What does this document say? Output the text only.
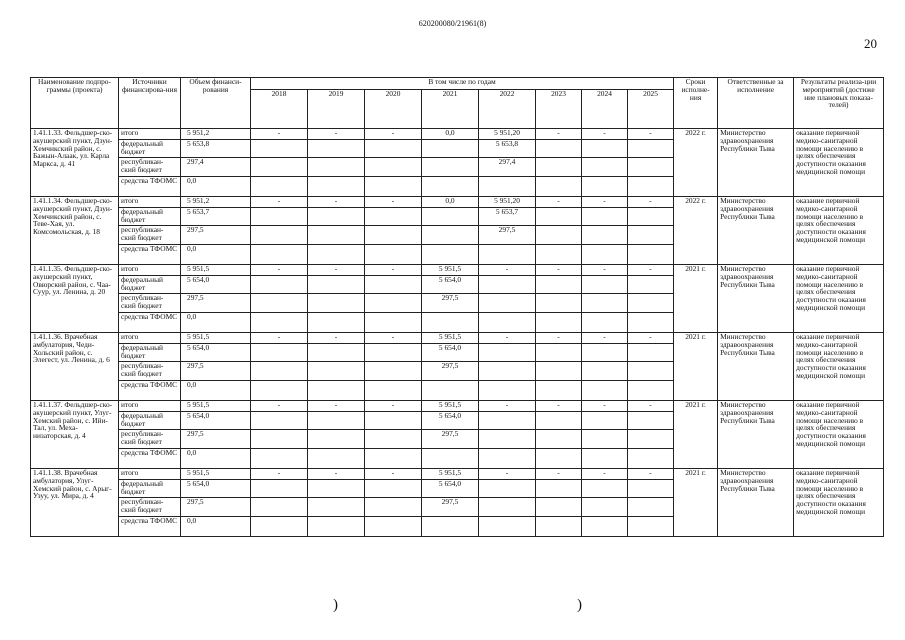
620200080/21961(8)
20
Наименование подпро-граммы (проекта)	Источники финансирова-ния	Объем финанси-рования	В том числе по годам								Сроки исполне-ния	Ответственные за исполнение	Результаты реализа-ции мероприятий (достиже ние плановых показа-телей)
			2018	2019	2020	2021	2022	2023	2024	2025			
1.41.1.33. Фельдшер-ско-акушерский пункт, Дзун-Хемчикский район, с. Бажын-Алаак, ул. Карла Маркса, д. 41	итого	5 951,2	-	-	-	0,0	5 951,20	-	-	-	2022 г.	Министерство здравоохранения Республики Тыва	оказание первичной медико-санитарной помощи населению в целях обеспечения доступности оказания медицинской помощи
	федеральный бюджет	5 653,8					5 653,8						
	республикан-ский бюджет	297,4					297,4						
	средства ТФОМС	0,0											
1.41.1.34. Фельдшер-ско-акушерский пункт, Дзун-Хемчикский район, с. Теве-Хая, ул. Комсомольская, д. 18	итого	5 951,2	-	-	-	0,0	5 951,20	-	-	-	2022 г.	Министерство здравоохранения Республики Тыва	оказание первичной медико-санитарной помощи населению в целях обеспечения доступности оказания медицинской помощи
	федеральный бюджет	5 653,7					5 653,7						
	республикан-ский бюджет	297,5					297,5						
	средства ТФОМС	0,0											
1.41.1.35. Фельдшер-ско-акушерский пункт, Овюрский район, с. Чаа-Суур, ул. Ленина, д. 20	итого	5 951,5	-	-	-	5 951,5	-	-	-	-	2021 г.	Министерство здравоохранения Республики Тыва	оказание первичной медико-санитарной помощи населению в целях обеспечения доступности оказания медицинской помощи
	федеральный бюджет	5 654,0				5 654,0							
	республикан-ский бюджет	297,5				297,5							
	средства ТФОМС	0,0											
1.41.1.36. Врачебная амбулатория, Чеди-Хольский район, с. Элегест, ул. Ленина, д. 6	итого	5 951,5	-	-	-	5 951,5	-	-	-	-	2021 г.	Министерство здравоохранения Республики Тыва	оказание первичной медико-санитарной помощи населению в целях обеспечения доступности оказания медицинской помощи
	федеральный бюджет	5 654,0				5 654,0							
	республикан-ский бюджет	297,5				297,5							
	средства ТФОМС	0,0											
1.41.1.37. Фельдшер-ско-акушерский пункт, Улуг-Хемский район, с. Ийи-Тал, ул. Меха-низаторская, д. 4	итого	5 951,5	-	-	-	5 951,5	-	-	-	-	2021 г.	Министерство здравоохранения Республики Тыва	оказание первичной медико-санитарной помощи населению в целях обеспечения доступности оказания медицинской помощи
	федеральный бюджет	5 654,0				5 654,0							
	республикан-ский бюджет	297,5				297,5							
	средства ТФОМС	0,0											
1.41.1.38. Врачебная амбулатория, Улуг-Хемский район, с. Арыг-Узуу, ул. Мира, д. 4	итого	5 951,5	-	-	-	5 951,5	-	-	-	-	2021 г.	Министерство здравоохранения Республики Тыва	оказание первичной медико-санитарной помощи населению в целях обеспечения доступности оказания медицинской помощи
	федеральный бюджет	5 654,0				5 654,0							
	республикан-ский бюджет	297,5				297,5							
	средства ТФОМС	0,0											
)	)
